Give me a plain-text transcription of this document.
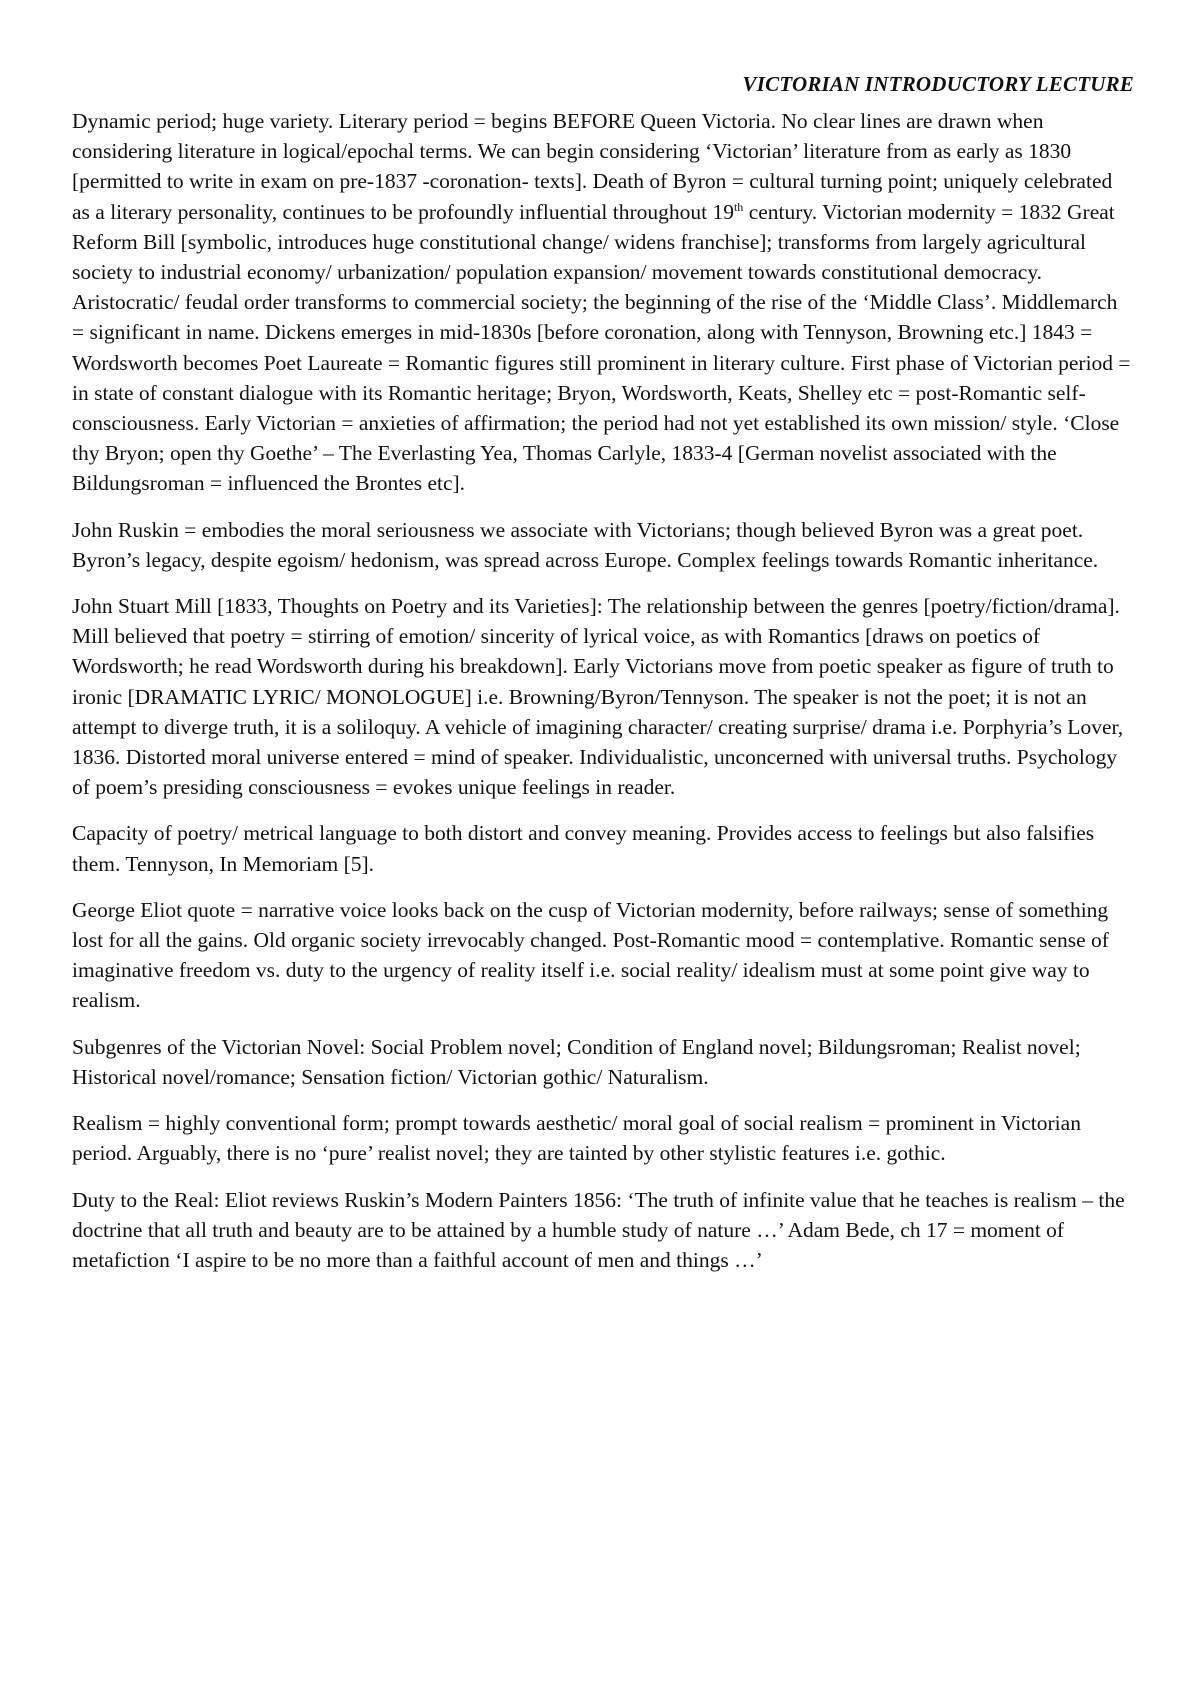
VICTORIAN INTRODUCTORY LECTURE

Dynamic period; huge variety. Literary period = begins BEFORE Queen Victoria. No clear lines are drawn when considering literature in logical/epochal terms. We can begin considering ‘Victorian’ literature from as early as 1830 [permitted to write in exam on pre-1837 -coronation- texts]. Death of Byron = cultural turning point; uniquely celebrated as a literary personality, continues to be profoundly influential throughout 19th century. Victorian modernity = 1832 Great Reform Bill [symbolic, introduces huge constitutional change/ widens franchise]; transforms from largely agricultural society to industrial economy/ urbanization/ population expansion/ movement towards constitutional democracy. Aristocratic/ feudal order transforms to commercial society; the beginning of the rise of the ‘Middle Class’. Middlemarch = significant in name. Dickens emerges in mid-1830s [before coronation, along with Tennyson, Browning etc.] 1843 = Wordsworth becomes Poet Laureate = Romantic figures still prominent in literary culture. First phase of Victorian period = in state of constant dialogue with its Romantic heritage; Bryon, Wordsworth, Keats, Shelley etc = post-Romantic self-consciousness. Early Victorian = anxieties of affirmation; the period had not yet established its own mission/ style. ‘Close thy Bryon; open thy Goethe’ – The Everlasting Yea, Thomas Carlyle, 1833-4 [German novelist associated with the Bildungsroman = influenced the Brontes etc].

John Ruskin = embodies the moral seriousness we associate with Victorians; though believed Byron was a great poet. Byron’s legacy, despite egoism/ hedonism, was spread across Europe. Complex feelings towards Romantic inheritance.

John Stuart Mill [1833, Thoughts on Poetry and its Varieties]: The relationship between the genres [poetry/fiction/drama]. Mill believed that poetry = stirring of emotion/ sincerity of lyrical voice, as with Romantics [draws on poetics of Wordsworth; he read Wordsworth during his breakdown]. Early Victorians move from poetic speaker as figure of truth to ironic [DRAMATIC LYRIC/ MONOLOGUE] i.e. Browning/Byron/Tennyson. The speaker is not the poet; it is not an attempt to diverge truth, it is a soliloquy. A vehicle of imagining character/ creating surprise/ drama i.e. Porphyria’s Lover, 1836. Distorted moral universe entered = mind of speaker. Individualistic, unconcerned with universal truths. Psychology of poem’s presiding consciousness = evokes unique feelings in reader.

Capacity of poetry/ metrical language to both distort and convey meaning. Provides access to feelings but also falsifies them. Tennyson, In Memoriam [5].

George Eliot quote = narrative voice looks back on the cusp of Victorian modernity, before railways; sense of something lost for all the gains. Old organic society irrevocably changed. Post-Romantic mood = contemplative. Romantic sense of imaginative freedom vs. duty to the urgency of reality itself i.e. social reality/ idealism must at some point give way to realism.

Subgenres of the Victorian Novel: Social Problem novel; Condition of England novel; Bildungsroman; Realist novel; Historical novel/romance; Sensation fiction/ Victorian gothic/ Naturalism.

Realism = highly conventional form; prompt towards aesthetic/ moral goal of social realism = prominent in Victorian period. Arguably, there is no ‘pure’ realist novel; they are tainted by other stylistic features i.e. gothic.

Duty to the Real: Eliot reviews Ruskin’s Modern Painters 1856: ‘The truth of infinite value that he teaches is realism – the doctrine that all truth and beauty are to be attained by a humble study of nature …’ Adam Bede, ch 17 = moment of metafiction ‘I aspire to be no more than a faithful account of men and things …’
